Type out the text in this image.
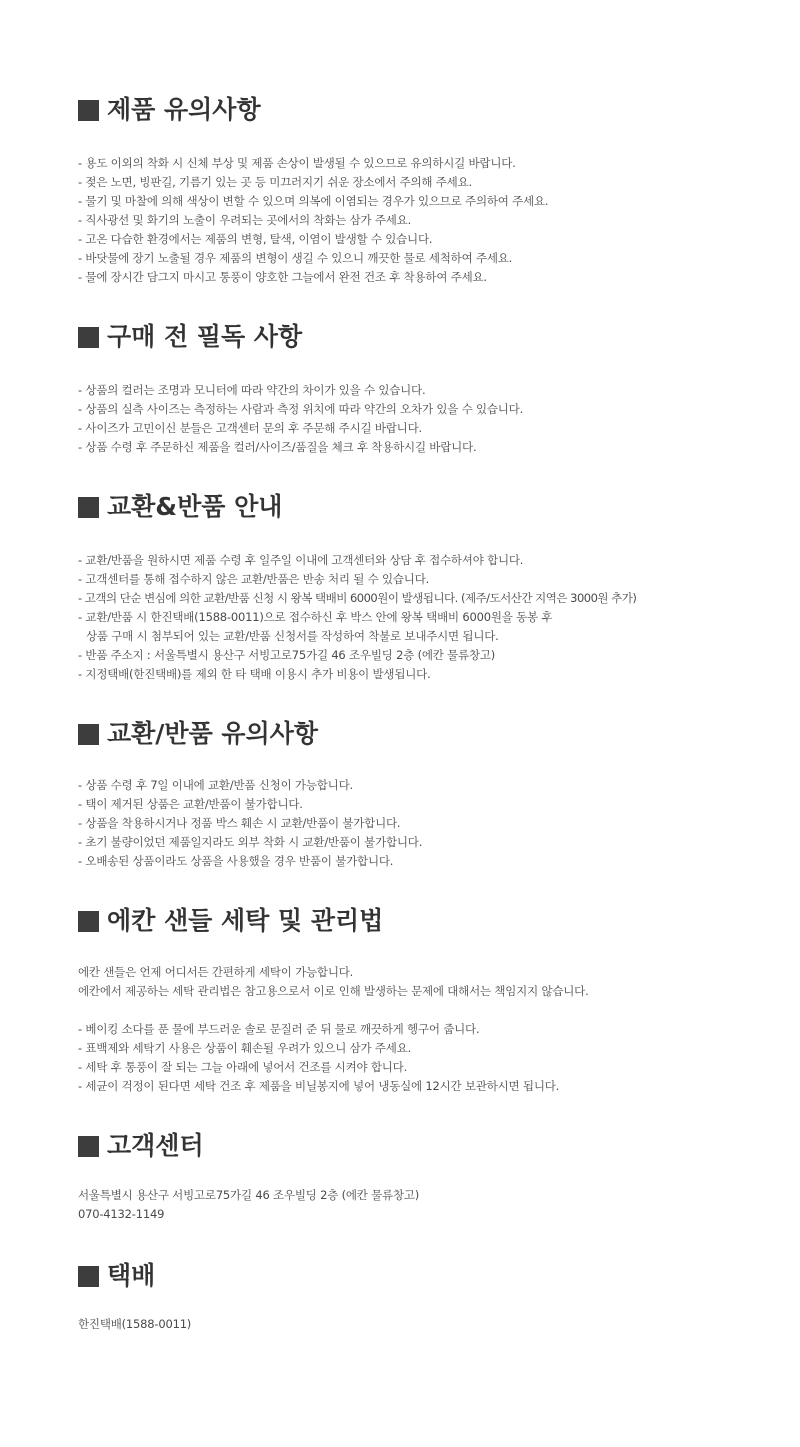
제품 유의사항
- 용도 이외의 착화 시 신체 부상 및 제품 손상이 발생될 수 있으므로 유의하시길 바랍니다.
- 젖은 노면, 빙판길, 기름기 있는 곳 등 미끄러지기 쉬운 장소에서 주의해 주세요.
- 물기 및 마찰에 의해 색상이 변할 수 있으며 의복에 이염되는 경우가 있으므로 주의하여 주세요.
- 직사광선 및 화기의 노출이 우려되는 곳에서의 착화는 삼가 주세요.
- 고온 다습한 환경에서는 제품의 변형, 탈색, 이염이 발생할 수 있습니다.
- 바닷물에 장기 노출될 경우 제품의 변형이 생길 수 있으니 깨끗한 물로 세척하여 주세요.
- 물에 장시간 담그지 마시고 통풍이 양호한 그늘에서 완전 건조 후 착용하여 주세요.
구매 전 필독 사항
- 상품의 컬러는 조명과 모니터에 따라 약간의 차이가 있을 수 있습니다.
- 상품의 실측 사이즈는 측정하는 사람과 측정 위치에 따라 약간의 오차가 있을 수 있습니다.
- 사이즈가 고민이신 분들은 고객센터 문의 후 주문해 주시길 바랍니다.
- 상품 수령 후 주문하신 제품을 컬러/사이즈/품질을 체크 후 착용하시길 바랍니다.
교환&반품 안내
- 교환/반품을 원하시면 제품 수령 후 일주일 이내에 고객센터와 상담 후 접수하셔야 합니다.
- 고객센터를 통해 접수하지 않은 교환/반품은 반송 처리 될 수 있습니다.
- 고객의 단순 변심에 의한 교환/반품 신청 시 왕복 택배비 6000원이 발생됩니다. (제주/도서산간 지역은 3000원 추가)
- 교환/반품 시 한진택배(1588-0011)으로 접수하신 후 박스 안에 왕복 택배비 6000원을 동봉 후
상품 구매 시 첨부되어 있는 교환/반품 신청서를 작성하여 착불로 보내주시면 됩니다.
- 반품 주소지 : 서울특별시 용산구 서빙고로75가길 46 조우빌딩 2층 (에칸 물류창고)
- 지정택배(한진택배)를 제외 한 타 택배 이용시 추가 비용이 발생됩니다.
교환/반품 유의사항
- 상품 수령 후 7일 이내에 교환/반품 신청이 가능합니다.
- 택이 제거된 상품은 교환/반품이 불가합니다.
- 상품을 착용하시거나 정품 박스 훼손 시 교환/반품이 불가합니다.
- 초기 불량이었던 제품일지라도 외부 착화 시 교환/반품이 불가합니다.
- 오배송된 상품이라도 상품을 사용했을 경우 반품이 불가합니다.
에칸 샌들 세탁 및 관리법
에칸 샌들은 언제 어디서든 간편하게 세탁이 가능합니다.
에칸에서 제공하는 세탁 관리법은 참고용으로서 이로 인해 발생하는 문제에 대해서는 책임지지 않습니다.
- 베이킹 소다를 푼 물에 부드러운 솔로 문질러 준 뒤 물로 깨끗하게 헹구어 줍니다.
- 표백제와 세탁기 사용은 상품이 훼손될 우려가 있으니 삼가 주세요.
- 세탁 후 통풍이 잘 되는 그늘 아래에 넣어서 건조를 시켜야 합니다.
- 세균이 걱정이 된다면 세탁 건조 후 제품을 비닐봉지에 넣어 냉동실에 12시간 보관하시면 됩니다.
고객센터
서울특별시 용산구 서빙고로75가길 46 조우빌딩 2층 (에칸 물류창고)
070-4132-1149
택배
한진택배(1588-0011)
